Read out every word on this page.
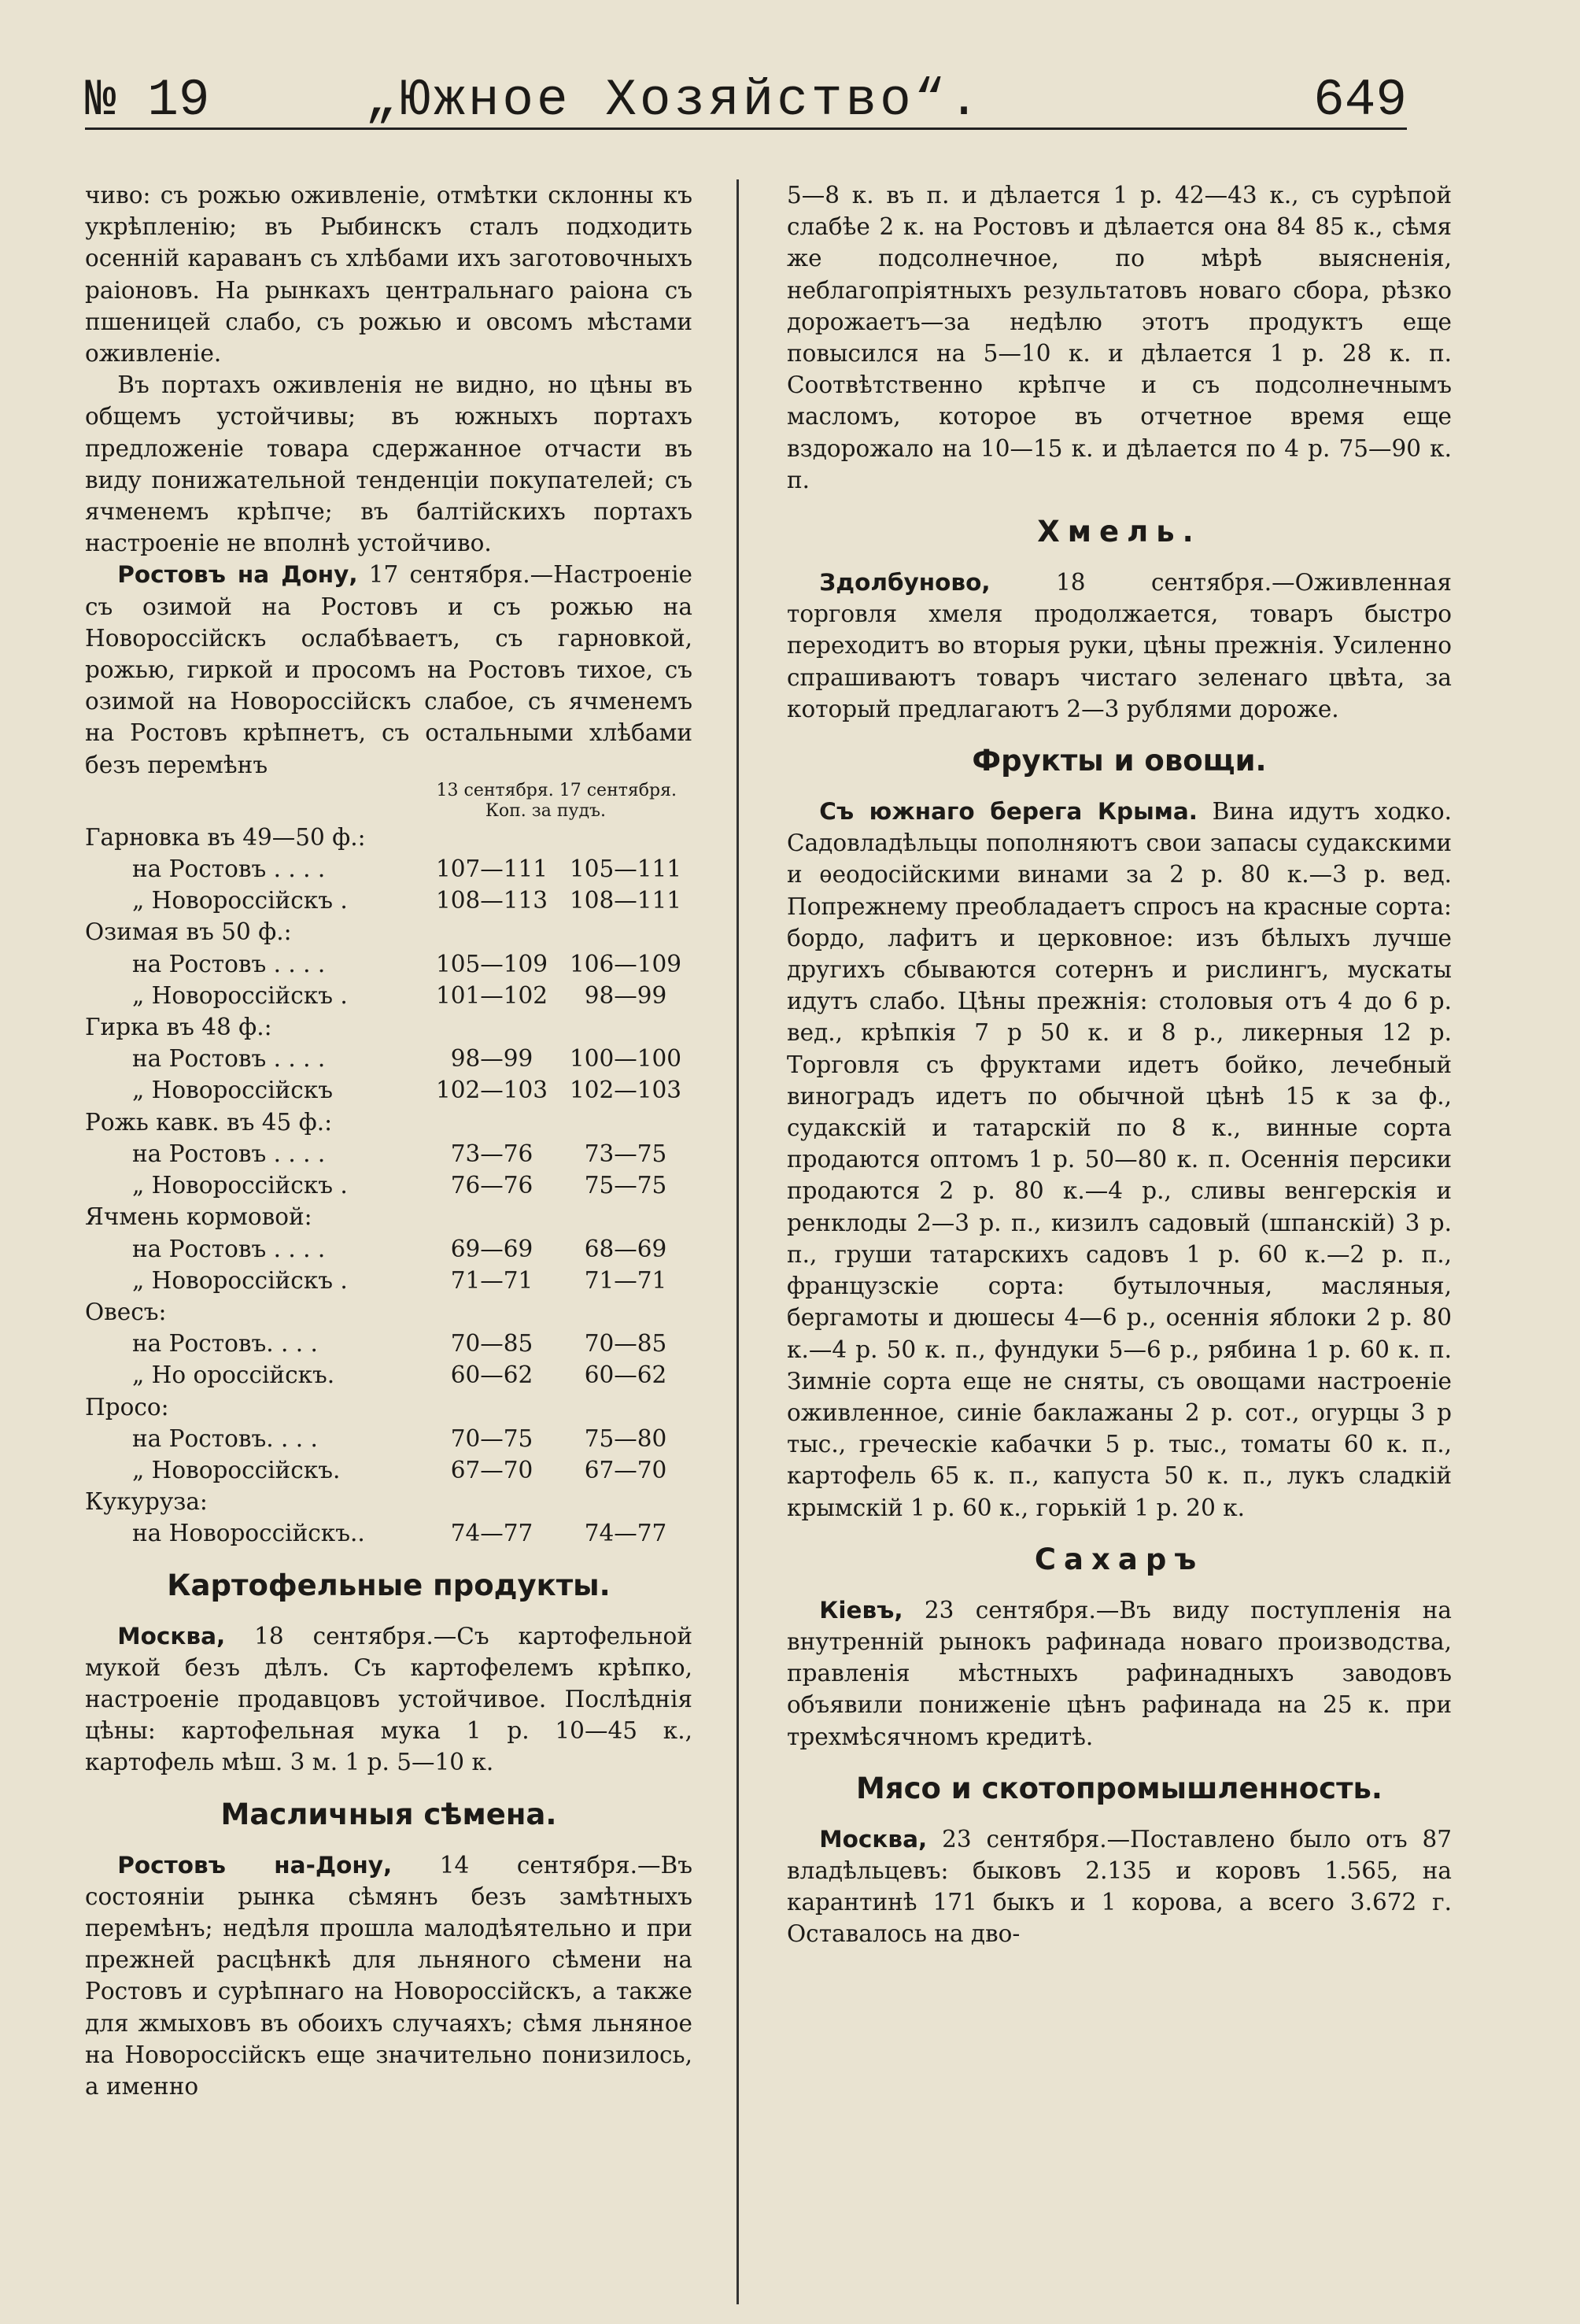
№ 19	„Южное Хозяйство“.	649

чиво: съ рожью оживленіе, отмѣтки склонны къ укрѣпленію; въ Рыбинскъ сталъ подходить осенній караванъ съ хлѣбами ихъ заготовочныхъ раіоновъ. На рынкахъ центральнаго раіона съ пшеницей слабо, съ рожью и овсомъ мѣстами оживленіе.

Въ портахъ оживленія не видно, но цѣны въ общемъ устойчивы; въ южныхъ портахъ предложеніе товара сдержанное отчасти въ виду понижательной тенденціи покупателей; съ ячменемъ крѣпче; въ балтійскихъ портахъ настроеніе не вполнѣ устойчиво.

Ростовъ на Дону, 17 сентября.—Настроеніе съ озимой на Ростовъ и съ рожью на Новороссійскъ ослабѣваетъ, съ гарновкой, рожью, гиркой и просомъ на Ростовъ тихое, съ озимой на Новороссійскъ слабое, съ ячменемъ на Ростовъ крѣпнетъ, съ остальными хлѣбами безъ перемѣнъ

13 сентября. 17 сентября.
Коп. за пудъ.
Гарновка въ 49—50 ф.:		
на Ростовъ . . . .	107—111	105—111
„ Новороссійскъ .	108—113	108—111
Озимая въ 50 ф.:		
на Ростовъ . . . .	105—109	106—109
„ Новороссійскъ .	101—102	98—99
Гирка въ 48 ф.:		
на Ростовъ . . . .	98—99	100—100
„ Новороссійскъ	102—103	102—103
Рожь кавк. въ 45 ф.:		
на Ростовъ . . . .	73—76	73—75
„ Новороссійскъ .	76—76	75—75
Ячмень кормовой:		
на Ростовъ . . . .	69—69	68—69
„ Новороссійскъ .	71—71	71—71
Овесъ:		
на Ростовъ. . . .	70—85	70—85
„ Но ороссійскъ.	60—62	60—62
Просо:		
на Ростовъ. . . .	70—75	75—80
„ Новороссійскъ.	67—70	67—70
Кукуруза:		
на Новороссійскъ..	74—77	74—77
Картофельные продукты.

Москва, 18 сентября.—Съ картофельной мукой безъ дѣлъ. Съ картофелемъ крѣпко, настроеніе продавцовъ устойчивое. Послѣднія цѣны: картофельная мука 1 р. 10—45 к., картофель мѣш. 3 м. 1 р. 5—10 к.

Масличныя сѣмена.

Ростовъ на-Дону, 14 сентября.—Въ состояніи рынка сѣмянъ безъ замѣтныхъ перемѣнъ; недѣля прошла малодѣятельно и при прежней расцѣнкѣ для льняного сѣмени на Ростовъ и сурѣпнаго на Новороссійскъ, а также для жмыховъ въ обоихъ случаяхъ; сѣмя льняное на Новороссійскъ еще значительно понизилось, а именно

5—8 к. въ п. и дѣлается 1 р. 42—43 к., съ сурѣпой слабѣе 2 к. на Ростовъ и дѣлается она 84 85 к., сѣмя же подсолнечное, по мѣрѣ выясненія, неблагопріятныхъ результатовъ новаго сбора, рѣзко дорожаетъ—за недѣлю этотъ продуктъ еще повысился на 5—10 к. и дѣлается 1 р. 28 к. п. Соотвѣтственно крѣпче и съ подсолнечнымъ масломъ, которое въ отчетное время еще вздорожало на 10—15 к. и дѣлается по 4 р. 75—90 к. п.

Хмель.

Здолбуново,	18 сентября.—Оживленная торговля хмеля продолжается, товаръ быстро переходитъ во вторыя руки, цѣны прежнія. Усиленно спрашиваютъ товаръ чистаго зеленаго цвѣта, за который предлагаютъ 2—3 рублями дороже.

Фрукты и овощи.

Съ южнаго берега Крыма. Вина идутъ ходко. Садовладѣльцы пополняютъ свои запасы судакскими и ѳеодосійскими винами за 2 р. 80 к.—3 р. вед. Попрежнему преобладаетъ спросъ на красные сорта: бордо, лафитъ и церковное: изъ бѣлыхъ лучше другихъ сбываются сотернъ и рислингъ, мускаты идутъ слабо. Цѣны прежнія: столовыя отъ 4 до 6 р. вед., крѣпкія 7 р 50 к. и 8 р., ликерныя 12 р. Торговля съ фруктами идетъ бойко, лечебный виноградъ идетъ по обычной цѣнѣ 15 к за ф., судакскій и татарскій по 8 к., винные сорта продаются оптомъ 1 р. 50—80 к. п. Осеннія персики продаются 2 р. 80 к.—4 р., сливы венгерскія и ренклоды 2—3 р. п., кизилъ садовый (шпанскій) 3 р. п., груши татарскихъ садовъ 1 р. 60 к.—2 р. п., французскіе сорта: бутылочныя, масляныя, бергамоты и дюшесы 4—6 р., осеннія яблоки 2 р. 80 к.—4 р. 50 к. п., фундуки 5—6 р., рябина 1 р. 60 к. п. Зимніе сорта еще не сняты, съ овощами настроеніе оживленное, синіе баклажаны 2 р. сот., огурцы 3 р тыс., греческіе кабачки 5 р. тыс., томаты 60 к. п., картофель 65 к. п., капуста 50 к. п., лукъ сладкій крымскій 1 р. 60 к., горькій 1 р. 20 к.

Сахаръ

Кіевъ, 23 сентября.—Въ виду поступленія на внутренній рынокъ рафинада новаго производства, правленія мѣстныхъ рафинадныхъ заводовъ объявили пониженіе цѣнъ рафинада на 25 к. при трехмѣсячномъ кредитѣ.

Мясо и скотопромышленность.

Москва, 23 сентября.—Поставлено было отъ 87 владѣльцевъ: быковъ 2.135 и коровъ 1.565, на карантинѣ 171 быкъ и 1 корова, а всего 3.672 г. Оставалось на дво-
